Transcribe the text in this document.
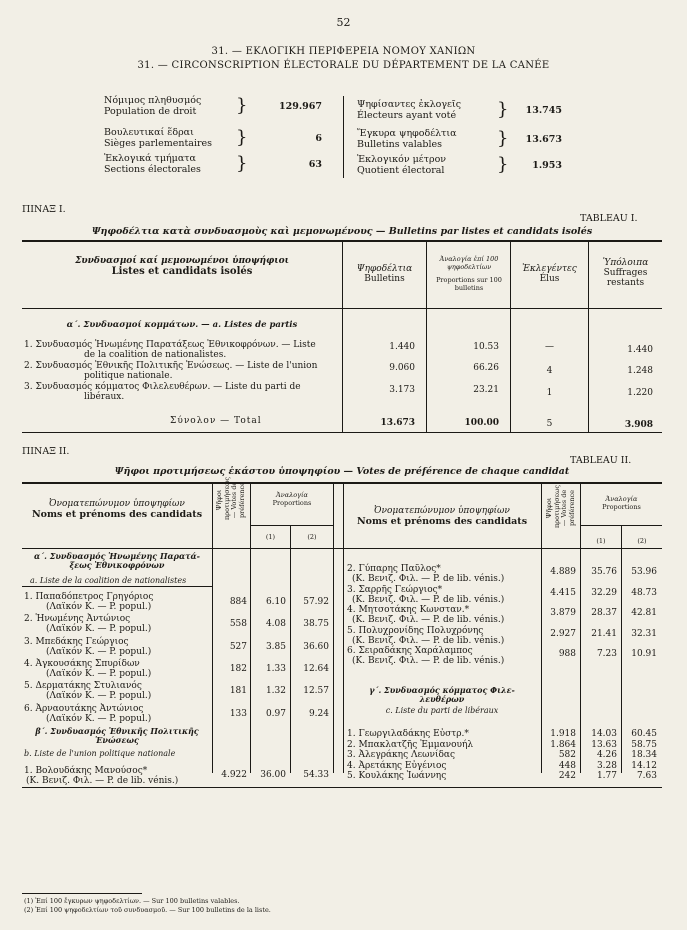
52
31. — ΕΚΛΟΓΙΚΗ ΠΕΡΙΦΕΡΕΙΑ ΝΟΜΟΥ ΧΑΝΙΩΝ
31. — CIRCONSCRIPTION ÉLECTORALE DU DÉPARTEMENT DE LA CANÉE
Νόμιμος πληθυσμός
Population de droit }	129.967
Βουλευτικαί ἕδραι
Sièges parlementaires }	6
Ἐκλογικά τμήματα
Sections électorales }	63
Ψηφίσαντες ἐκλογεῖς
Électeurs ayant voté }	13.745
Ἔγκυρα ψηφοδέλτια
Bulletins valables	}	13.673
Ἐκλογικόν μέτρον
Quotient électoral	}	1.953
ΠΙΝΑΞ Ι.
TABLEAU I.
Ψηφοδέλτια κατὰ συνδυασμοὺς καὶ μεμονωμένους — Bulletins par listes et candidats isolés
Συνδυασμοί καί μεμονωμένοι ὑποψήφιοι
Listes et candidats isolés	Ψηφοδέλτια
Bulletins
Ἀναλογία ἐπί 100 ψηφοδελτίων
Proportions sur 100 bulletins
Ἐκλεγέντες
Élus
Ὑπόλοιπα
Suffrages restants
α΄. Συνδυασμοί κομμάτων. — a. Listes de partis
1. Συνδυασμός Ἡνωμένης Παρατάξεως Ἐθνικοφρόνων. — Liste
de la coalition de nationalistes.
1.440	10.53	—	1.440
2. Συνδυασμός Ἐθνικῆς Πολιτικῆς Ἑνώσεως. — Liste de l'union
politique nationale.
9.060	66.26	4	1.248
3. Συνδυασμός κόμματος Φιλελευθέρων. — Liste du parti de
libéraux.
3.173	23.21	1	1.220
Σύνολον — Total	13.673	100.00	5	3.908
ΠΙΝΑΞ ΙΙ.
TABLEAU II.
Ψῆφοι προτιμήσεως ἑκάστου ὑποψηφίου — Votes de préférence de chaque candidat
Ὀνοματεπώνυμον ὑποψηφίων
Noms et prénoms des candidats
Ψῆφοι προτιμήσεως — Votes de préférence	Ἀναλογία
Proportions
(1)	(2)
Ὀνοματεπώνυμον ὑποψηφίων
Noms et prénoms des candidats
Ψῆφοι προτιμήσεως — Votes de préférence	Ἀναλογία
Proportions
(1)	(2)
α΄. Συνδυασμός Ἡνωμένης Παρατά-
ξεως Ἐθνικοφρόνων
a. Liste de la coalition de nationalistes
1. Παπαδόπετρος Γρηγόριος
(Λαϊκόν Κ. — P. popul.)	884	6.10	57.92
2. Ἡνωμένης Ἀντώνιος
(Λαϊκόν Κ. — P. popul.)	558	4.08	38.75
3. Μπεδάκης Γεώργιος
(Λαϊκόν Κ. — P. popul.)	527	3.85	36.60
4. Ἀγκουσάκης Σπυρίδων
(Λαϊκόν Κ. — P. popul.)	182	1.33	12.64
5. Δερματάκης Στυλιανός
(Λαϊκόν Κ. — P. popul.)	181	1.32	12.57
6. Ἀρναουτάκης Ἀντώνιος
(Λαϊκόν Κ. — P. popul.)	133	0.97	9.24
β΄. Συνδυασμός Ἐθνικῆς Πολιτικῆς
Ἑνώσεως
b. Liste de l'union politique nationale
1. Βολουδάκης Μανούσος*
(Κ. Βενιζ. Φιλ. — P. de lib. vénis.)
4.922	36.00	54.33
2. Γύπαρης Παῦλος*
(Κ. Βενιζ. Φιλ. — P. de lib. vénis.)
4.889	35.76	53.96
3. Σαρρῆς Γεώργιος*
(Κ. Βενιζ. Φιλ. — P. de lib. vénis.)
4.415	32.29	48.73
4. Μητσοτάκης Κωνσταν.*
(Κ. Βενιζ. Φιλ. — P. de lib. vénis.)
3.879	28.37	42.81
5. Πολυχρονίδης Πολυχρόνης
(Κ. Βενιζ. Φιλ. — P. de lib. vénis.)
2.927	21.41	32.31
6. Σειραδάκης Χαράλαμπος
(Κ. Βενιζ. Φιλ. — P. de lib. vénis.)
988	7.23	10.91
γ΄. Συνδυασμός κόμματος Φιλε-
λευθέρων
c. Liste du parti de libéraux
1. Γεωργιλαδάκης Εὐστρ.*	1.918	14.03	60.45
2. Μπακλατζῆς Ἐμμανουήλ	1.864	13.63	58.75
3. Ἀλεγράκης Λεωνίδας	582	4.26	18.34
4. Ἀρετάκης Εὐγένιος	448	3.28	14.12
5. Κουλάκης Ἰωάννης	242	1.77	7.63
(1) Ἐπί 100 ἔγκυρων ψηφοδελτίων. — Sur 100 bulletins valables.
(2) Ἐπί 100 ψηφοδελτίων τοῦ συνδυασμοῦ. — Sur 100 bulletins de la liste.
